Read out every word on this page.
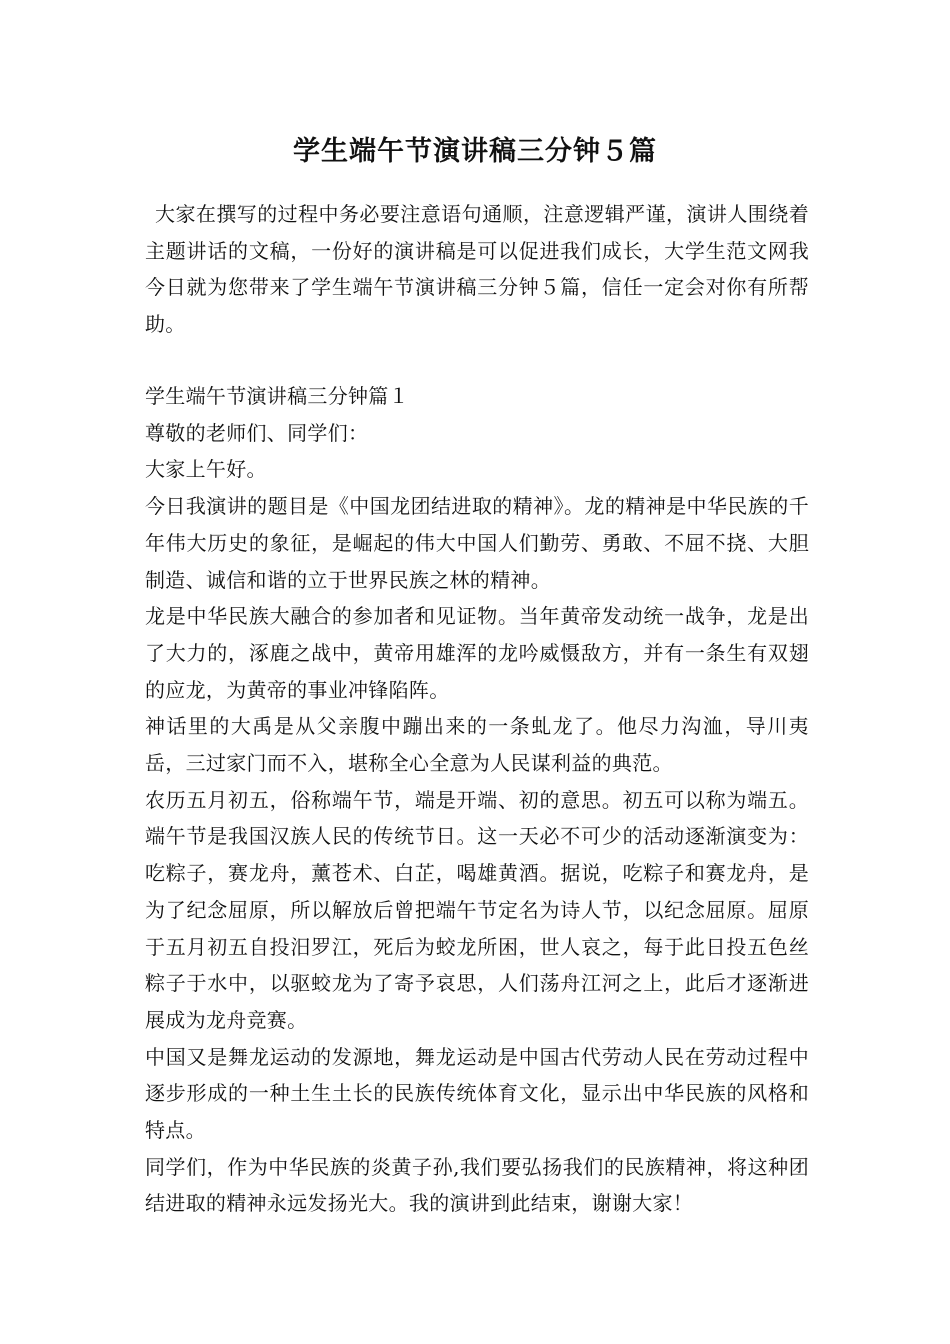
学生端午节演讲稿三分钟５篇

大家在撰写的过程中务必要注意语句通顺，注意逻辑严谨，演讲人围绕着主题讲话的文稿，一份好的演讲稿是可以促进我们成长，大学生范文网我今日就为您带来了学生端午节演讲稿三分钟５篇，信任一定会对你有所帮助。

学生端午节演讲稿三分钟篇１

尊敬的老师们、同学们：

大家上午好。

今日我演讲的题目是《中国龙团结进取的精神》。龙的精神是中华民族的千年伟大历史的象征，是崛起的伟大中国人们勤劳、勇敢、不屈不挠、大胆制造、诚信和谐的立于世界民族之林的精神。

龙是中华民族大融合的参加者和见证物。当年黄帝发动统一战争，龙是出了大力的，涿鹿之战中，黄帝用雄浑的龙吟威慑敌方，并有一条生有双翅的应龙，为黄帝的事业冲锋陷阵。

神话里的大禹是从父亲腹中蹦出来的一条虬龙了。他尽力沟洫，导川夷岳，三过家门而不入，堪称全心全意为人民谋利益的典范。

农历五月初五，俗称端午节，端是开端、初的意思。初五可以称为端五。端午节是我国汉族人民的传统节日。这一天必不可少的活动逐渐演变为：吃粽子，赛龙舟，薰苍术、白芷，喝雄黄酒。据说，吃粽子和赛龙舟，是为了纪念屈原，所以解放后曾把端午节定名为诗人节，以纪念屈原。屈原于五月初五自投汨罗江，死后为蛟龙所困，世人哀之，每于此日投五色丝粽子于水中，以驱蛟龙为了寄予哀思，人们荡舟江河之上，此后才逐渐进展成为龙舟竞赛。

中国又是舞龙运动的发源地，舞龙运动是中国古代劳动人民在劳动过程中逐步形成的一种土生土长的民族传统体育文化，显示出中华民族的风格和特点。

同学们，作为中华民族的炎黄子孙,我们要弘扬我们的民族精神，将这种团结进取的精神永远发扬光大。我的演讲到此结束，谢谢大家！
